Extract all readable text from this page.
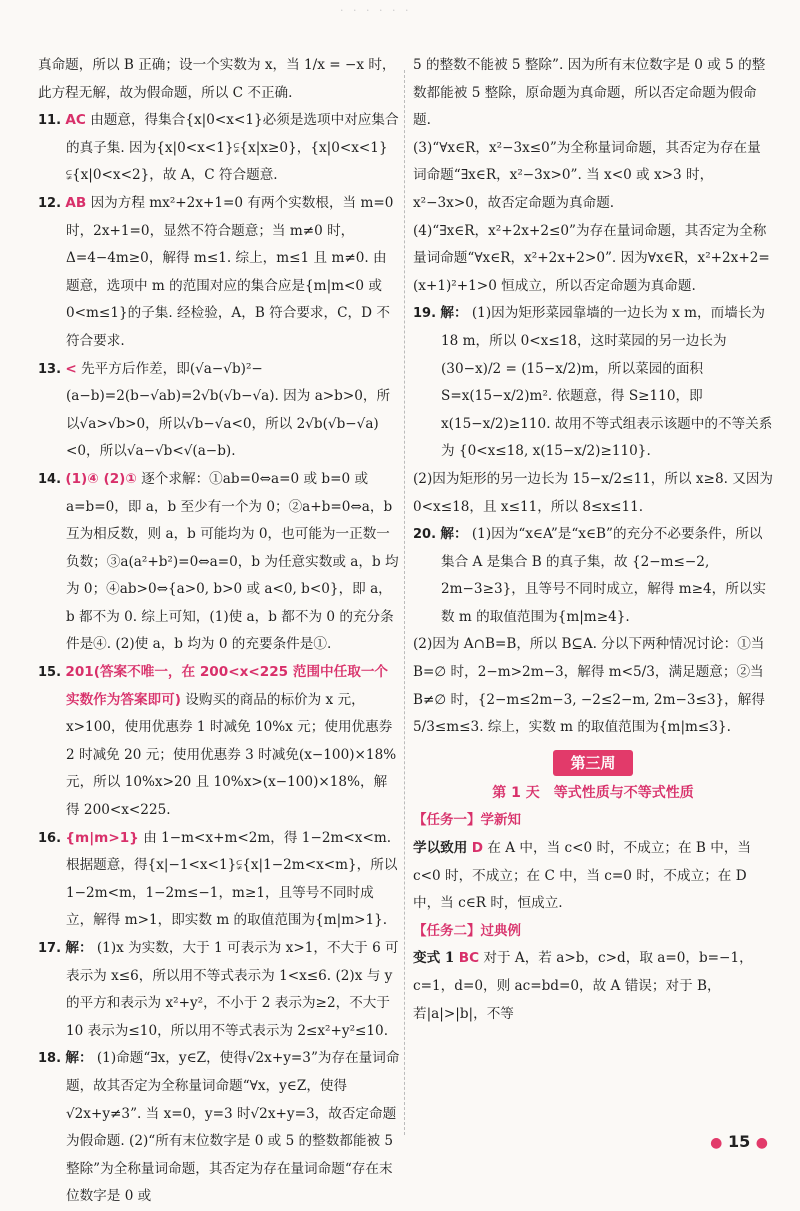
· · · · · ·

真命题，所以 B 正确；设一个实数为 x，当 1/x = −x 时，此方程无解，故为假命题，所以 C 不正确.

11. AC 由题意，得集合{x|0<x<1}必须是选项中对应集合的真子集. 因为{x|0<x<1}⫋{x|x≥0}，{x|0<x<1}⫋{x|0<x<2}，故 A，C 符合题意.

12. AB 因为方程 mx²+2x+1=0 有两个实数根，当 m=0 时，2x+1=0，显然不符合题意；当 m≠0 时，Δ=4−4m≥0，解得 m≤1. 综上，m≤1 且 m≠0. 由题意，选项中 m 的范围对应的集合应是{m|m<0 或 0<m≤1}的子集. 经检验，A，B 符合要求，C，D 不符合要求.

13. < 先平方后作差，即(√a−√b)²−(a−b)=2(b−√ab)=2√b(√b−√a). 因为 a>b>0，所以√a>√b>0，所以√b−√a<0，所以 2√b(√b−√a)<0，所以√a−√b<√(a−b).

14. (1)④ (2)① 逐个求解：①ab=0⇔a=0 或 b=0 或 a=b=0，即 a，b 至少有一个为 0；②a+b=0⇔a，b 互为相反数，则 a，b 可能均为 0，也可能为一正数一负数；③a(a²+b²)=0⇔a=0，b 为任意实数或 a，b 均为 0；④ab>0⇔{a>0, b>0 或 a<0, b<0}，即 a，b 都不为 0. 综上可知，(1)使 a，b 都不为 0 的充分条件是④. (2)使 a，b 均为 0 的充要条件是①.

15. 201(答案不唯一，在 200<x<225 范围中任取一个实数作为答案即可) 设购买的商品的标价为 x 元，x>100，使用优惠券 1 时减免 10%x 元；使用优惠券 2 时减免 20 元；使用优惠券 3 时减免(x−100)×18%元，所以 10%x>20 且 10%x>(x−100)×18%，解得 200<x<225.

16. {m|m>1} 由 1−m<x+m<2m，得 1−2m<x<m. 根据题意，得{x|−1<x<1}⫋{x|1−2m<x<m}，所以 1−2m<m，1−2m≤−1，m≥1，且等号不同时成立，解得 m>1，即实数 m 的取值范围为{m|m>1}.

17. 解： (1)x 为实数，大于 1 可表示为 x>1，不大于 6 可表示为 x≤6，所以用不等式表示为 1<x≤6. (2)x 与 y 的平方和表示为 x²+y²，不小于 2 表示为≥2，不大于 10 表示为≤10，所以用不等式表示为 2≤x²+y²≤10.

18. 解： (1)命题“∃x，y∈Z，使得√2x+y=3”为存在量词命题，故其否定为全称量词命题“∀x，y∈Z，使得√2x+y≠3”. 当 x=0，y=3 时√2x+y=3，故否定命题为假命题. (2)“所有末位数字是 0 或 5 的整数都能被 5 整除”为全称量词命题，其否定为存在量词命题“存在末位数字是 0 或

5 的整数不能被 5 整除”. 因为所有末位数字是 0 或 5 的整数都能被 5 整除，原命题为真命题，所以否定命题为假命题.

(3)“∀x∈R，x²−3x≤0”为全称量词命题，其否定为存在量词命题“∃x∈R，x²−3x>0”. 当 x<0 或 x>3 时，x²−3x>0，故否定命题为真命题.

(4)“∃x∈R，x²+2x+2≤0”为存在量词命题，其否定为全称量词命题“∀x∈R，x²+2x+2>0”. 因为∀x∈R，x²+2x+2=(x+1)²+1>0 恒成立，所以否定命题为真命题.

19. 解： (1)因为矩形菜园靠墙的一边长为 x m，而墙长为 18 m，所以 0<x≤18，这时菜园的另一边长为 (30−x)/2 = (15−x/2)m，所以菜园的面积 S=x(15−x/2)m². 依题意，得 S≥110，即 x(15−x/2)≥110. 故用不等式组表示该题中的不等关系为 {0<x≤18, x(15−x/2)≥110}.

(2)因为矩形的另一边长为 15−x/2≤11，所以 x≥8. 又因为 0<x≤18，且 x≤11，所以 8≤x≤11.

20. 解： (1)因为“x∈A”是“x∈B”的充分不必要条件，所以集合 A 是集合 B 的真子集，故 {2−m≤−2, 2m−3≥3}，且等号不同时成立，解得 m≥4，所以实数 m 的取值范围为{m|m≥4}.

(2)因为 A∩B=B，所以 B⊆A. 分以下两种情况讨论：①当 B=∅ 时，2−m>2m−3，解得 m<5/3，满足题意；②当 B≠∅ 时，{2−m≤2m−3, −2≤2−m, 2m−3≤3}，解得 5/3≤m≤3. 综上，实数 m 的取值范围为{m|m≤3}.

第三周

第 1 天　等式性质与不等式性质

【任务一】学新知

学以致用 D 在 A 中，当 c<0 时，不成立；在 B 中，当 c<0 时，不成立；在 C 中，当 c=0 时，不成立；在 D 中，当 c∈R 时，恒成立.

【任务二】过典例

变式 1 BC 对于 A，若 a>b，c>d，取 a=0，b=−1，c=1，d=0，则 ac=bd=0，故 A 错误；对于 B，若|a|>|b|，不等

● 15 ●
